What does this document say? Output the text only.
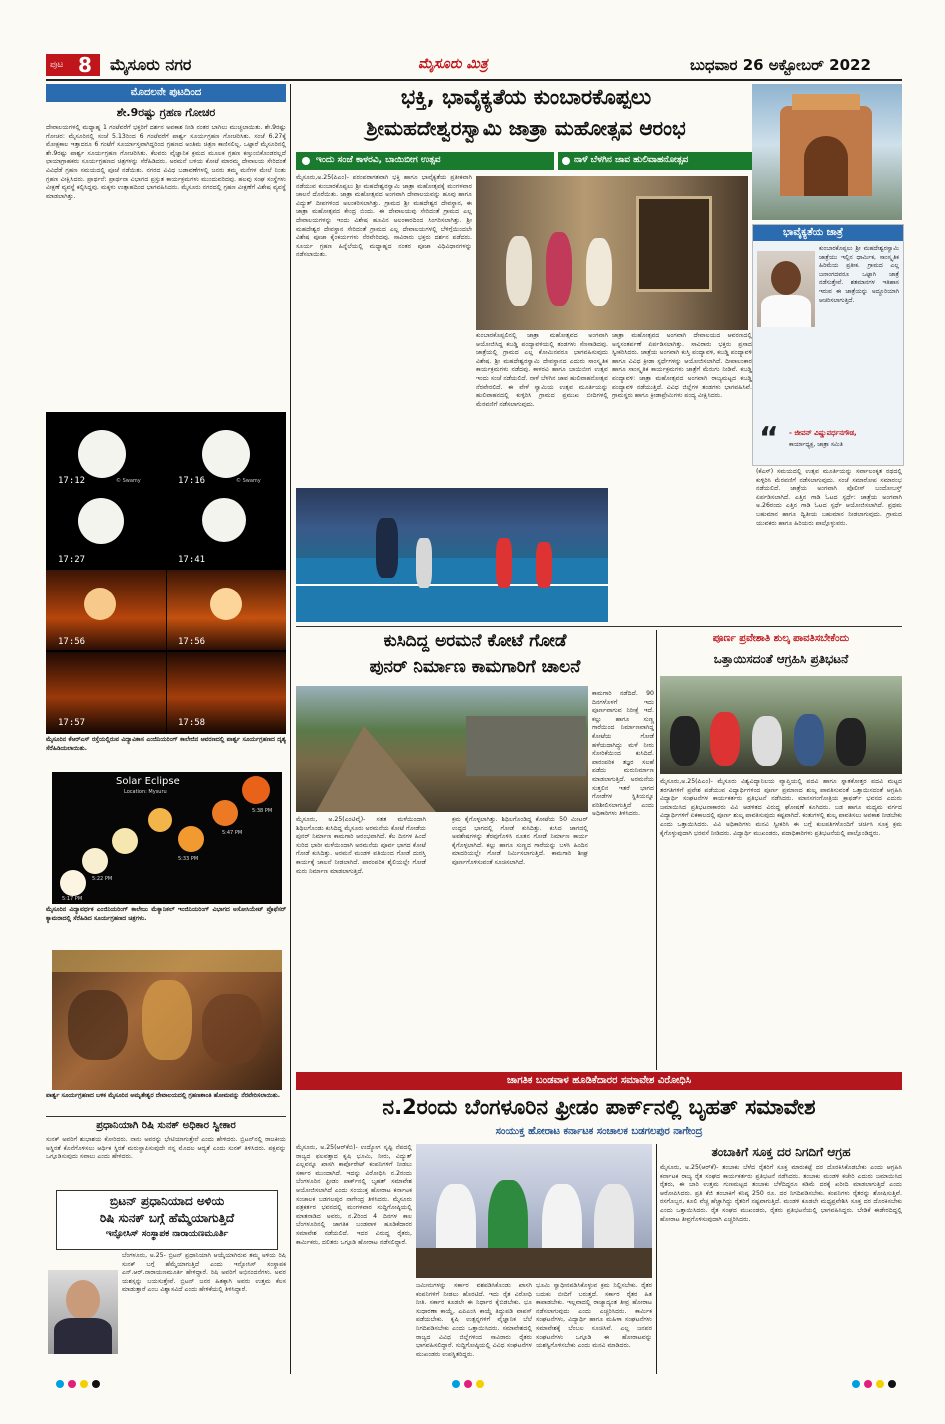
ಪುಟ 8 ಮೈಸೂರು ನಗರ	ಮೈಸೂರು ಮಿತ್ರ	ಬುಧವಾರ 26 ಅಕ್ಟೋಬರ್ 2022
ಮೊದಲನೇ ಪುಟದಿಂದ
ಶೇ.9ರಷ್ಟು ಗ್ರಹಣ ಗೋಚರ

ದೇವಾಲಯಗಳಲ್ಲಿ ಮಧ್ಯಾಹ್ನ 1 ಗಂಟೆವರೆಗೆ ಭಕ್ತರಿಗೆ ದರ್ಶನ ಅವಕಾಶ ನೀಡಿ ನಂತರ ಬಾಗಿಲು ಮುಚ್ಚಲಾಯಿತು. ಶೇ.9ರಷ್ಟು ಗೋಚರ: ಮೈಸೂರಿನಲ್ಲಿ ಸಂಜೆ 5.13ರಿಂದ 6 ಗಂಟೆವರೆಗೆ ಪಾರ್ಶ್ವ ಸೂರ್ಯಗ್ರಹಣ ಗೋಚರಿಸಿತು. ಸಂಜೆ 6.27ಕ್ಕೆ ಮೋಕ್ಷಕಾಲ ಇತ್ತಾದರೂ 6 ಗಂಟೆಗೆ ಸೂರ್ಯಾಸ್ತವಾಗಿದ್ದರಿಂದ ಗ್ರಹಣದ ಅಂತಿಮ ಚಿತ್ರಣ ಕಾಣಿಸಲಿಲ್ಲ. ಒಟ್ಟಾರೆ ಮೈಸೂರಿನಲ್ಲಿ ಶೇ.9ರಷ್ಟು ಪಾರ್ಶ್ವ ಸೂರ್ಯಗ್ರಹಣ ಗೋಚರಿಸಿತು. ಕೆಲವರು ವೈಜ್ಞಾನಿಕ ಕ್ರಮದ ಮೂಲಕ ಗ್ರಹಣ ಕಣ್ತುಂಬಿಕೊಂಡರಲ್ಲದೆ ಛಾಯಾಗ್ರಾಹಕರು ಸೂರ್ಯಗ್ರಹಣದ ಚಿತ್ರಗಳನ್ನು ಸೆರೆಹಿಡಿದರು. ಅರಮನೆ ಬಳಿಯ ಕೋಟೆ ಮಾರಮ್ಮ ದೇವಾಲಯ ಸೇರಿದಂತೆ ವಿವಿಧೆಡೆ ಗ್ರಹಣ ಸಮಯದಲ್ಲಿ ಪೂಜೆ ನಡೆಯಿತು. ನಗರದ ವಿವಿಧ ಬಡಾವಣೆಗಳಲ್ಲಿ ಜನರು ತಮ್ಮ ಮನೆಗಳ ಮೇಲೆ ನಿಂತು ಗ್ರಹಣ ವೀಕ್ಷಿಸಿದರು. ಪ್ರಾರ್ಥನೆ: ಪ್ರಾರ್ಥನಾ ವಿಭಾಗದ ಪ್ರಸ್ತುತ ಕಾರ್ಯಕ್ರಮಗಳು ಮುಂದುವರಿದವು. ಹಲವು ಸಂಘ ಸಂಸ್ಥೆಗಳು ವೀಕ್ಷಣೆ ವ್ಯವಸ್ಥೆ ಕಲ್ಪಿಸಿದ್ದವು. ಮಕ್ಕಳು ಉತ್ಸಾಹದಿಂದ ಭಾಗವಹಿಸಿದರು. ಮೈಸೂರು ನಗರದಲ್ಲಿ ಗ್ರಹಣ ವೀಕ್ಷಣೆಗೆ ವಿಶೇಷ ವ್ಯವಸ್ಥೆ ಮಾಡಲಾಗಿತ್ತು.

17:12	17:16
17:27	17:41
17:56	17:56
17:57	17:58
© Swamy	© Swamy

ಮೈಸೂರಿನ ಕೆಆರ್‌ಎಸ್ ರಸ್ತೆಯಲ್ಲಿರುವ ವಿದ್ಯಾವಿಕಾಸ ಎಂಜಿನಿಯರಿಂಗ್ ಕಾಲೇಜಿನ ಆವರಣದಲ್ಲಿ ಪಾರ್ಶ್ವ ಸೂರ್ಯಗ್ರಹಣದ ದೃಶ್ಯ ಸೆರೆಹಿಡಿಯಲಾಯಿತು.

Solar Eclipse
Location: Mysuru
5:38 PM
5:47 PM
5:33 PM
5:22 PM
5:17 PM

ಮೈಸೂರಿನ ವಿದ್ಯಾವರ್ಧಕ ಎಂಜಿನಿಯರಿಂಗ್ ಕಾಲೇಜು ಮೆಕ್ಯಾನಿಕಲ್ ಇಂಜಿನಿಯರಿಂಗ್ ವಿಭಾಗದ ಅಸೋಸಿಯೇಟ್ ಪ್ರೊಫೆಸರ್ ಕ್ಯಾಮರಾದಲ್ಲಿ ಸೆರೆಹಿಡಿದ ಸೂರ್ಯಗ್ರಹಣದ ಚಿತ್ರಗಳು.

ಪಾರ್ಶ್ವ ಸೂರ್ಯಗ್ರಹಣದ ಬಳಿಕ ಮೈಸೂರಿನ ಅಮೃತೇಶ್ವರ ದೇವಾಲಯದಲ್ಲಿ ಗ್ರಹಣಶಾಂತಿ ಹೋಮವನ್ನು ನೆರವೇರಿಸಲಾಯಿತು.

ಪ್ರಧಾನಿಯಾಗಿ ರಿಷಿ ಸುನಕ್ ಅಧಿಕಾರ ಸ್ವೀಕಾರ

ಸುನಕ್ ಅವರಿಗೆ ಶುಭಾಶಯ ಕೋರಿದರು. ನಾನು ಅವರನ್ನು ಭೇಟಿಯಾಗುತ್ತೇನೆ ಎಂದು ಹೇಳಿದರು. ಬ್ರಿಟನ್‌ನಲ್ಲಿ ರಾಜಕೀಯ ಅಸ್ಥಿರತೆ ಕೊನೆಗೊಳಿಸಲು ಆರ್ಥಿಕ ಸ್ಥಿರತೆ ಮರುಸ್ಥಾಪಿಸುವುದೇ ನನ್ನ ಮೊದಲ ಆದ್ಯತೆ ಎಂದು ಸುನಕ್ ತಿಳಿಸಿದರು. ಪಕ್ಷವನ್ನು ಒಗ್ಗೂಡಿಸುವುದು ಸವಾಲು ಎಂದು ಹೇಳಿದರು.

ಬ್ರಿಟನ್ ಪ್ರಧಾನಿಯಾದ ಅಳಿಯ
ರಿಷಿ ಸುನಕ್ ಬಗ್ಗೆ ಹೆಮ್ಮೆಯಾಗುತ್ತಿದೆ
ಇನ್ಫೋಸಿಸ್ ಸಂಸ್ಥಾಪಕ ನಾರಾಯಣಮೂರ್ತಿ

ಬೆಂಗಳೂರು, ಅ.25- ಬ್ರಿಟನ್ ಪ್ರಧಾನಿಯಾಗಿ ಆಯ್ಕೆಯಾಗಿರುವ ತಮ್ಮ ಅಳಿಯ ರಿಷಿ ಸುನಕ್ ಬಗ್ಗೆ ಹೆಮ್ಮೆಯಾಗುತ್ತಿದೆ ಎಂದು ಇನ್ಫೋಸಿಸ್ ಸಂಸ್ಥಾಪಕ ಎನ್.ಆರ್.ನಾರಾಯಣಮೂರ್ತಿ ಹೇಳಿದ್ದಾರೆ. ರಿಷಿ ಅವರಿಗೆ ಅಭಿನಂದನೆಗಳು. ಅವರ ಯಶಸ್ಸನ್ನು ಬಯಸುತ್ತೇವೆ. ಬ್ರಿಟನ್ ಜನರ ಹಿತಕ್ಕಾಗಿ ಅವರು ಉತ್ತಮ ಕೆಲಸ ಮಾಡುತ್ತಾರೆ ಎಂಬ ವಿಶ್ವಾಸವಿದೆ ಎಂದು ಹೇಳಿಕೆಯಲ್ಲಿ ತಿಳಿಸಿದ್ದಾರೆ.

ಭಕ್ತಿ, ಭಾವೈಕ್ಯತೆಯ ಕುಂಬಾರಕೊಪ್ಪಲು
ಶ್ರೀಮಹದೇಶ್ವರಸ್ವಾಮಿ ಜಾತ್ರಾ ಮಹೋತ್ಸವ ಆರಂಭ
ಇಂದು ಸಂಜೆ ಕಾಳರವಿ, ಬಾಯಿಬೀಗ ಉತ್ಸವ	ನಾಳೆ ಬೆಳಗಿನ ಜಾವ ಹುಲಿವಾಹನೋತ್ಸವ

ಮೈಸೂರು,ಅ.25(ಪಿಎಂ)- ಪರಂಪರಾಗತವಾಗಿ ಭಕ್ತಿ ಹಾಗೂ ಭಾವೈಕ್ಯತೆಯ ಪ್ರತೀಕವಾಗಿ ನಡೆಯುವ ಕುಂಬಾರಕೊಪ್ಪಲು ಶ್ರೀ ಮಹದೇಶ್ವರಸ್ವಾಮಿ ಜಾತ್ರಾ ಮಹೋತ್ಸವಕ್ಕೆ ಮಂಗಳವಾರ ಚಾಲನೆ ದೊರೆಯಿತು. ಜಾತ್ರಾ ಮಹೋತ್ಸವದ ಅಂಗವಾಗಿ ದೇವಾಲಯವನ್ನು ಹೂವು ಹಾಗೂ ವಿದ್ಯುತ್ ದೀಪಗಳಿಂದ ಅಲಂಕರಿಸಲಾಗಿತ್ತು. ಗ್ರಾಮದ ಶ್ರೀ ಮಹದೇಶ್ವರ ದೇವಸ್ಥಾನ, ಈ ಜಾತ್ರಾ ಮಹೋತ್ಸವದ ಕೇಂದ್ರ ಬಿಂದು. ಈ ದೇವಾಲಯವು ಸೇರಿದಂತೆ ಗ್ರಾಮದ ಎಲ್ಲ ದೇವಾಲಯಗಳನ್ನು ಇಂದು ವಿಶೇಷ ಹೂವಿನ ಅಲಂಕಾರದಿಂದ ಸಿಂಗರಿಸಲಾಗಿತ್ತು. ಶ್ರೀ ಮಹದೇಶ್ವರ ದೇವಸ್ಥಾನ ಸೇರಿದಂತೆ ಗ್ರಾಮದ ಎಲ್ಲ ದೇವಾಲಯಗಳಲ್ಲಿ ಬೆಳಿಗ್ಗೆಯಿಂದಲೇ ವಿಶೇಷ ಪೂಜಾ ಕೈಂಕರ್ಯಗಳು ನೆರವೇರಿದವು. ಸಾವಿರಾರು ಭಕ್ತರು ದರ್ಶನ ಪಡೆದರು. ಸೂರ್ಯ ಗ್ರಹಣ ಹಿನ್ನೆಲೆಯಲ್ಲಿ ಮಧ್ಯಾಹ್ನದ ನಂತರ ಪೂಜಾ ವಿಧಿವಿಧಾನಗಳನ್ನು ನಡೆಸಲಾಯಿತು.

ಕುಂಬಾರಕೊಪ್ಪಲಿನಲ್ಲಿ ಜಾತ್ರಾ ಮಹೋತ್ಸವದ ಅಂಗವಾಗಿ ಆಯೋಜಿಸಿದ್ದ ಕಬಡ್ಡಿ ಪಂದ್ಯಾವಳಿಯಲ್ಲಿ ತಂಡಗಳು ಸೆಣಸಾಡಿದವು. ಜಾತ್ರೆಯಲ್ಲಿ ಗ್ರಾಮದ ಎಲ್ಲ ಕೋಮಿನವರೂ ಭಾಗವಹಿಸುವುದು ವಿಶೇಷ. ಶ್ರೀ ಮಹದೇಶ್ವರಸ್ವಾಮಿ ದೇವಸ್ಥಾನದ ಎದುರು ಸಾಂಸ್ಕೃತಿಕ ಕಾರ್ಯಕ್ರಮಗಳು ನಡೆದವು. ಕಾಳರವಿ ಹಾಗೂ ಬಾಯಿಬೀಗ ಉತ್ಸವ ಇಂದು ಸಂಜೆ ನಡೆಯಲಿದೆ. ನಾಳೆ ಬೆಳಗಿನ ಜಾವ ಹುಲಿವಾಹನೋತ್ಸವ ನೆರವೇರಲಿದೆ. ಈ ವೇಳೆ ಸ್ವಾಮಿಯ ಉತ್ಸವ ಮೂರ್ತಿಯನ್ನು ಹುಲಿವಾಹನದಲ್ಲಿ ಕುಳ್ಳಿರಿಸಿ ಗ್ರಾಮದ ಪ್ರಮುಖ ಬೀದಿಗಳಲ್ಲಿ ಮೆರವಣಿಗೆ ನಡೆಸಲಾಗುವುದು.

ಜಾತ್ರಾ ಮಹೋತ್ಸವದ ಅಂಗವಾಗಿ ದೇವಾಲಯದ ಆವರಣದಲ್ಲಿ ಅನ್ನಸಂತರ್ಪಣೆ ಏರ್ಪಡಿಸಲಾಗಿತ್ತು. ಸಾವಿರಾರು ಭಕ್ತರು ಪ್ರಸಾದ ಸ್ವೀಕರಿಸಿದರು. ಜಾತ್ರೆಯ ಅಂಗವಾಗಿ ಕುಸ್ತಿ ಪಂದ್ಯಾವಳಿ, ಕಬಡ್ಡಿ ಪಂದ್ಯಾವಳಿ ಹಾಗೂ ವಿವಿಧ ಕ್ರೀಡಾ ಸ್ಪರ್ಧೆಗಳನ್ನು ಆಯೋಜಿಸಲಾಗಿದೆ. ದೀಪಾಲಂಕಾರ ಹಾಗೂ ಸಾಂಸ್ಕೃತಿಕ ಕಾರ್ಯಕ್ರಮಗಳು ಜಾತ್ರೆಗೆ ಮೆರುಗು ನೀಡಿವೆ. ಕಬಡ್ಡಿ ಪಂದ್ಯಾವಳಿ: ಜಾತ್ರಾ ಮಹೋತ್ಸವದ ಅಂಗವಾಗಿ ರಾಜ್ಯಮಟ್ಟದ ಕಬಡ್ಡಿ ಪಂದ್ಯಾವಳಿ ನಡೆಯುತ್ತಿದೆ. ವಿವಿಧ ಜಿಲ್ಲೆಗಳ ತಂಡಗಳು ಭಾಗವಹಿಸಿವೆ. ಗ್ರಾಮಸ್ಥರು ಹಾಗೂ ಕ್ರೀಡಾಪ್ರೇಮಿಗಳು ಪಂದ್ಯ ವೀಕ್ಷಿಸಿದರು.

ಭಾವೈಕ್ಯತೆಯ ಜಾತ್ರೆ

ಕುಂಬಾರಕೊಪ್ಪಲು ಶ್ರೀ ಮಹದೇಶ್ವರಸ್ವಾಮಿ ಜಾತ್ರೆಯು ಇಲ್ಲಿನ ಧಾರ್ಮಿಕ, ಸಾಂಸ್ಕೃತಿಕ ಹಿರಿಮೆಯ ಪ್ರತೀಕ. ಗ್ರಾಮದ ಎಲ್ಲ ಜನಾಂಗದವರೂ ಒಟ್ಟಾಗಿ ಜಾತ್ರೆ ನಡೆಸುತ್ತೇವೆ. ಶತಮಾನಗಳ ಇತಿಹಾಸ ಇರುವ ಈ ಜಾತ್ರೆಯನ್ನು ಅದ್ಧೂರಿಯಾಗಿ ಆಚರಿಸಲಾಗುತ್ತಿದೆ.

“ - ಜೀವನ್ ವಿಷ್ಣುವರ್ಧನಗೌಡ,
ಕಾರ್ಯಾಧ್ಯಕ್ಷ, ಜಾತ್ರಾ ಸಮಿತಿ

(ಕೆಎಸ್) ಸಮಯದಲ್ಲಿ ಉತ್ಸವ ಮೂರ್ತಿಯನ್ನು ಸರ್ವಾಲಂಕೃತ ರಥದಲ್ಲಿ ಕುಳ್ಳಿರಿಸಿ ಮೆರವಣಿಗೆ ನಡೆಸಲಾಗುವುದು. ಸಂಜೆ ಸಮಾರೋಪ ಸಮಾರಂಭ ನಡೆಯಲಿದೆ. ಜಾತ್ರೆಯ ಅಂಗವಾಗಿ ಪೊಲೀಸ್ ಬಂದೋಬಸ್ತ್ ಏರ್ಪಡಿಸಲಾಗಿದೆ. ಎತ್ತಿನ ಗಾಡಿ ಓಟದ ಸ್ಪರ್ಧೆ: ಜಾತ್ರೆಯ ಅಂಗವಾಗಿ ಅ.26ರಂದು ಎತ್ತಿನ ಗಾಡಿ ಓಟದ ಸ್ಪರ್ಧೆ ಆಯೋಜಿಸಲಾಗಿದೆ. ಪ್ರಥಮ ಬಹುಮಾನ ಹಾಗೂ ದ್ವಿತೀಯ ಬಹುಮಾನ ನೀಡಲಾಗುವುದು. ಗ್ರಾಮದ ಯುವಕರು ಹಾಗೂ ಹಿರಿಯರು ಪಾಲ್ಗೊಳ್ಳುವರು.

ಕುಸಿದಿದ್ದ ಅರಮನೆ ಕೋಟೆ ಗೋಡೆ
ಪುನರ್ ನಿರ್ಮಾಣ ಕಾಮಗಾರಿಗೆ ಚಾಲನೆ

ಮೈಸೂರು, ಅ.25(ಎಂಟಿವೈ)- ಸತತ ಮಳೆಯಿಂದಾಗಿ ಶಿಥಿಲಗೊಂಡು ಕುಸಿದಿದ್ದ ಮೈಸೂರು ಅರಮನೆಯ ಕೋಟೆ ಗೋಡೆಯ ಪುನರ್ ನಿರ್ಮಾಣ ಕಾಮಗಾರಿ ಆರಂಭವಾಗಿದೆ. ಕೆಲ ದಿನಗಳ ಹಿಂದೆ ಸುರಿದ ಭಾರೀ ಮಳೆಯಿಂದಾಗಿ ಅರಮನೆಯ ಪೂರ್ವ ಭಾಗದ ಕೋಟೆ ಗೋಡೆ ಕುಸಿದಿತ್ತು. ಅರಮನೆ ಮಂಡಳಿ ವತಿಯಿಂದ ಗೋಡೆ ದುರಸ್ತಿ ಕಾರ್ಯಕ್ಕೆ ಚಾಲನೆ ನೀಡಲಾಗಿದೆ. ಪಾರಂಪರಿಕ ಶೈಲಿಯಲ್ಲೇ ಗೋಡೆ ಮರು ನಿರ್ಮಾಣ ಮಾಡಲಾಗುತ್ತಿದೆ.

ಕ್ರಮ ಕೈಗೊಳ್ಳಲಾಗಿತ್ತು. ಶಿಥಿಲಗೊಂಡಿದ್ದ ಕೋಟೆಯ 50 ಮೀಟರ್ ಉದ್ದದ ಭಾಗದಲ್ಲಿ ಗೋಡೆ ಕುಸಿದಿತ್ತು. ಕುಸಿದ ಜಾಗದಲ್ಲಿ ಅವಶೇಷಗಳನ್ನು ತೆರವುಗೊಳಿಸಿ ನೂತನ ಗೋಡೆ ನಿರ್ಮಾಣ ಕಾರ್ಯ ಕೈಗೊಳ್ಳಲಾಗಿದೆ. ಕಲ್ಲು ಹಾಗೂ ಸುಣ್ಣದ ಗಾರೆಯನ್ನು ಬಳಸಿ ಹಿಂದಿನ ಮಾದರಿಯಲ್ಲೇ ಗೋಡೆ ನಿರ್ಮಿಸಲಾಗುತ್ತಿದೆ. ಕಾಮಗಾರಿ ಶೀಘ್ರ ಪೂರ್ಣಗೊಳಿಸುವಂತೆ ಸೂಚಿಸಲಾಗಿದೆ.

ಕಾಮಗಾರಿ ನಡೆದಿದೆ. 90 ದಿನಗಳೊಳಗೆ ಇದು ಪೂರ್ಣವಾಗುವ ನಿರೀಕ್ಷೆ ಇದೆ. ಕಲ್ಲು ಹಾಗೂ ಸುಣ್ಣ ಗಾರೆಯಿಂದ ನಿರ್ಮಾಣವಾಗಿದ್ದ ಕೋಟೆಯ ಗೋಡೆ ಹಳೆಯದಾಗಿದ್ದು ಮಳೆ ನೀರು ಸೋರಿಕೆಯಿಂದ ಕುಸಿದಿದೆ. ಪಾರಂಪರಿಕ ತಜ್ಞರ ಸಲಹೆ ಪಡೆದು ಮರುನಿರ್ಮಾಣ ಮಾಡಲಾಗುತ್ತಿದೆ. ಅರಮನೆಯ ಸುತ್ತಲಿನ ಇತರೆ ಭಾಗದ ಗೋಡೆಗಳ ಸ್ಥಿತಿಯನ್ನೂ ಪರಿಶೀಲಿಸಲಾಗುತ್ತಿದೆ ಎಂದು ಅಧಿಕಾರಿಗಳು ತಿಳಿಸಿದರು.

ಪೂರ್ಣ ಪ್ರವೇಶಾತಿ ಶುಲ್ಕ ಪಾವತಿಸಬೇಕೆಂದು
ಒತ್ತಾಯಿಸದಂತೆ ಆಗ್ರಹಿಸಿ ಪ್ರತಿಭಟನೆ

ಮೈಸೂರು,ಅ.25(ಪಿಎಂ)- ಮೈಸೂರು ವಿಶ್ವವಿದ್ಯಾನಿಲಯ ವ್ಯಾಪ್ತಿಯಲ್ಲಿ ಪದವಿ ಹಾಗೂ ಸ್ನಾತಕೋತ್ತರ ಪದವಿ ಮಟ್ಟದ ತರಗತಿಗಳಿಗೆ ಪ್ರವೇಶ ಪಡೆಯುವ ವಿದ್ಯಾರ್ಥಿಗಳಿಂದ ಪೂರ್ಣ ಪ್ರಮಾಣದ ಶುಲ್ಕ ಪಾವತಿಸುವಂತೆ ಒತ್ತಾಯಿಸದಂತೆ ಆಗ್ರಹಿಸಿ ವಿದ್ಯಾರ್ಥಿ ಸಂಘಟನೆಗಳ ಕಾರ್ಯಕರ್ತರು ಪ್ರತಿಭಟನೆ ನಡೆಸಿದರು. ಮಾನಸಗಂಗೋತ್ರಿಯ ಕ್ರಾಫರ್ಡ್ ಭವನದ ಎದುರು ಜಮಾಯಿಸಿದ ಪ್ರತಿಭಟನಾಕಾರರು ವಿವಿ ಆಡಳಿತದ ವಿರುದ್ಧ ಘೋಷಣೆ ಕೂಗಿದರು. ಬಡ ಹಾಗೂ ಮಧ್ಯಮ ವರ್ಗದ ವಿದ್ಯಾರ್ಥಿಗಳಿಗೆ ಏಕಕಾಲದಲ್ಲಿ ಪೂರ್ಣ ಶುಲ್ಕ ಪಾವತಿಸುವುದು ಕಷ್ಟವಾಗಿದೆ. ಕಂತುಗಳಲ್ಲಿ ಶುಲ್ಕ ಪಾವತಿಸಲು ಅವಕಾಶ ನೀಡಬೇಕು ಎಂದು ಒತ್ತಾಯಿಸಿದರು. ವಿವಿ ಅಧಿಕಾರಿಗಳು ಮನವಿ ಸ್ವೀಕರಿಸಿ ಈ ಬಗ್ಗೆ ಕುಲಪತಿಗಳೊಂದಿಗೆ ಚರ್ಚಿಸಿ ಸೂಕ್ತ ಕ್ರಮ ಕೈಗೊಳ್ಳುವುದಾಗಿ ಭರವಸೆ ನೀಡಿದರು. ವಿದ್ಯಾರ್ಥಿ ಮುಖಂಡರು, ಪದಾಧಿಕಾರಿಗಳು ಪ್ರತಿಭಟನೆಯಲ್ಲಿ ಪಾಲ್ಗೊಂಡಿದ್ದರು.

ಜಾಗತಿಕ ಬಂಡವಾಳ ಹೂಡಿಕೆದಾರರ ಸಮಾವೇಶ ವಿರೋಧಿಸಿ
ನ.2ರಂದು ಬೆಂಗಳೂರಿನ ಫ್ರೀಡಂ ಪಾರ್ಕ್‌ನಲ್ಲಿ ಬೃಹತ್ ಸಮಾವೇಶ
ಸಂಯುಕ್ತ ಹೋರಾಟ ಕರ್ನಾಟಕ ಸಂಚಾಲಕ ಬಡಗಲಪುರ ನಾಗೇಂದ್ರ

ಮೈಸೂರು, ಅ.25(ಆರ್‌ಕೆಬಿ)- ಉದ್ಯೋಗ ಸೃಷ್ಟಿ ನೆಪದಲ್ಲಿ ರಾಜ್ಯದ ಫಲವತ್ತಾದ ಕೃಷಿ ಭೂಮಿ, ನೀರು, ವಿದ್ಯುತ್ ಎಲ್ಲವನ್ನೂ ಖಾಸಗಿ ಕಾರ್ಪೊರೇಟ್ ಕಂಪನಿಗಳಿಗೆ ನೀಡಲು ಸರ್ಕಾರ ಮುಂದಾಗಿದೆ. ಇದನ್ನು ವಿರೋಧಿಸಿ ನ.2ರಂದು ಬೆಂಗಳೂರಿನ ಫ್ರೀಡಂ ಪಾರ್ಕ್‌ನಲ್ಲಿ ಬೃಹತ್ ಸಮಾವೇಶ ಆಯೋಜಿಸಲಾಗಿದೆ ಎಂದು ಸಂಯುಕ್ತ ಹೋರಾಟ ಕರ್ನಾಟಕ ಸಂಚಾಲಕ ಬಡಗಲಪುರ ನಾಗೇಂದ್ರ ತಿಳಿಸಿದರು. ಮೈಸೂರು ಪತ್ರಕರ್ತರ ಭವನದಲ್ಲಿ ಮಂಗಳವಾರ ಸುದ್ದಿಗೋಷ್ಠಿಯಲ್ಲಿ ಮಾತನಾಡಿದ ಅವರು, ನ.2ರಿಂದ 4 ದಿನಗಳ ಕಾಲ ಬೆಂಗಳೂರಿನಲ್ಲಿ ಜಾಗತಿಕ ಬಂಡವಾಳ ಹೂಡಿಕೆದಾರರ ಸಮಾವೇಶ ನಡೆಯಲಿದೆ. ಇದರ ವಿರುದ್ಧ ರೈತರು, ಕಾರ್ಮಿಕರು, ದಲಿತರು ಒಗ್ಗೂಡಿ ಹೋರಾಟ ನಡೆಸಲಿದ್ದಾರೆ.

ಜಮೀನುಗಳನ್ನು ಸರ್ಕಾರ ವಶಪಡಿಸಿಕೊಂಡು ಖಾಸಗಿ ಕಂಪನಿಗಳಿಗೆ ನೀಡಲು ಹೊರಟಿದೆ. ಇದು ರೈತ ವಿರೋಧಿ ನೀತಿ. ಸರ್ಕಾರ ಕೂಡಲೇ ಈ ನಿರ್ಧಾರ ಕೈಬಿಡಬೇಕು. ಭೂ ಸುಧಾರಣಾ ಕಾಯ್ದೆ, ಎಪಿಎಂಸಿ ಕಾಯ್ದೆ ತಿದ್ದುಪಡಿ ವಾಪಸ್ ಪಡೆಯಬೇಕು. ಕೃಷಿ ಉತ್ಪನ್ನಗಳಿಗೆ ವೈಜ್ಞಾನಿಕ ಬೆಲೆ ನಿಗದಿಪಡಿಸಬೇಕು ಎಂದು ಒತ್ತಾಯಿಸಿದರು. ಸಮಾವೇಶದಲ್ಲಿ ರಾಜ್ಯದ ವಿವಿಧ ಜಿಲ್ಲೆಗಳಿಂದ ಸಾವಿರಾರು ರೈತರು ಭಾಗವಹಿಸಲಿದ್ದಾರೆ. ಸುದ್ದಿಗೋಷ್ಠಿಯಲ್ಲಿ ವಿವಿಧ ಸಂಘಟನೆಗಳ ಮುಖಂಡರು ಉಪಸ್ಥಿತರಿದ್ದರು.

ಭೂಮಿ ಸ್ವಾಧೀನಪಡಿಸಿಕೊಳ್ಳುವ ಕ್ರಮ ನಿಲ್ಲಿಸಬೇಕು. ರೈತರ ಬದುಕು ಬೀದಿಗೆ ಬರುತ್ತದೆ. ಸರ್ಕಾರ ರೈತರ ಹಿತ ಕಾಪಾಡಬೇಕು. ಇಲ್ಲವಾದಲ್ಲಿ ರಾಜ್ಯಾದ್ಯಂತ ತೀವ್ರ ಹೋರಾಟ ನಡೆಸಲಾಗುವುದು ಎಂದು ಎಚ್ಚರಿಸಿದರು. ಕಾರ್ಮಿಕ ಸಂಘಟನೆಗಳು, ವಿದ್ಯಾರ್ಥಿ ಹಾಗೂ ಮಹಿಳಾ ಸಂಘಟನೆಗಳು ಸಮಾವೇಶಕ್ಕೆ ಬೆಂಬಲ ಸೂಚಿಸಿವೆ. ಎಲ್ಲ ಜನಪರ ಸಂಘಟನೆಗಳು ಒಗ್ಗೂಡಿ ಈ ಹೋರಾಟವನ್ನು ಯಶಸ್ವಿಗೊಳಿಸಬೇಕು ಎಂದು ಮನವಿ ಮಾಡಿದರು.

ತಂಬಾಕಿಗೆ ಸೂಕ್ತ ದರ ನಿಗದಿಗೆ ಆಗ್ರಹ

ಮೈಸೂರು, ಅ.25(ಆರ್‌ಕೆ)- ತಂಬಾಕು ಬೆಳೆದ ರೈತರಿಗೆ ಸೂಕ್ತ ಮಾರುಕಟ್ಟೆ ದರ ದೊರಕಿಸಿಕೊಡಬೇಕು ಎಂದು ಆಗ್ರಹಿಸಿ ಕರ್ನಾಟಕ ರಾಜ್ಯ ರೈತ ಸಂಘದ ಕಾರ್ಯಕರ್ತರು ಪ್ರತಿಭಟನೆ ನಡೆಸಿದರು. ತಂಬಾಕು ಮಂಡಳಿ ಕಚೇರಿ ಎದುರು ಜಮಾಯಿಸಿದ ರೈತರು, ಈ ಬಾರಿ ಉತ್ತಮ ಗುಣಮಟ್ಟದ ತಂಬಾಕು ಬೆಳೆದಿದ್ದರೂ ಕಡಿಮೆ ದರಕ್ಕೆ ಖರೀದಿ ಮಾಡಲಾಗುತ್ತಿದೆ ಎಂದು ಆರೋಪಿಸಿದರು. ಪ್ರತಿ ಕೆಜಿ ತಂಬಾಕಿಗೆ ಕನಿಷ್ಠ 250 ರೂ. ದರ ನಿಗದಿಪಡಿಸಬೇಕು. ಕಂಪನಿಗಳು ರೈತರನ್ನು ಶೋಷಿಸುತ್ತಿವೆ. ರಸಗೊಬ್ಬರ, ಕೂಲಿ ವೆಚ್ಚ ಹೆಚ್ಚಾಗಿದ್ದು ರೈತರಿಗೆ ನಷ್ಟವಾಗುತ್ತಿದೆ. ಮಂಡಳಿ ಕೂಡಲೇ ಮಧ್ಯಪ್ರವೇಶಿಸಿ ಸೂಕ್ತ ದರ ದೊರಕಿಸಬೇಕು ಎಂದು ಒತ್ತಾಯಿಸಿದರು. ರೈತ ಸಂಘದ ಮುಖಂಡರು, ರೈತರು ಪ್ರತಿಭಟನೆಯಲ್ಲಿ ಭಾಗವಹಿಸಿದ್ದರು. ಬೇಡಿಕೆ ಈಡೇರದಿದ್ದಲ್ಲಿ ಹೋರಾಟ ತೀವ್ರಗೊಳಿಸುವುದಾಗಿ ಎಚ್ಚರಿಸಿದರು.
